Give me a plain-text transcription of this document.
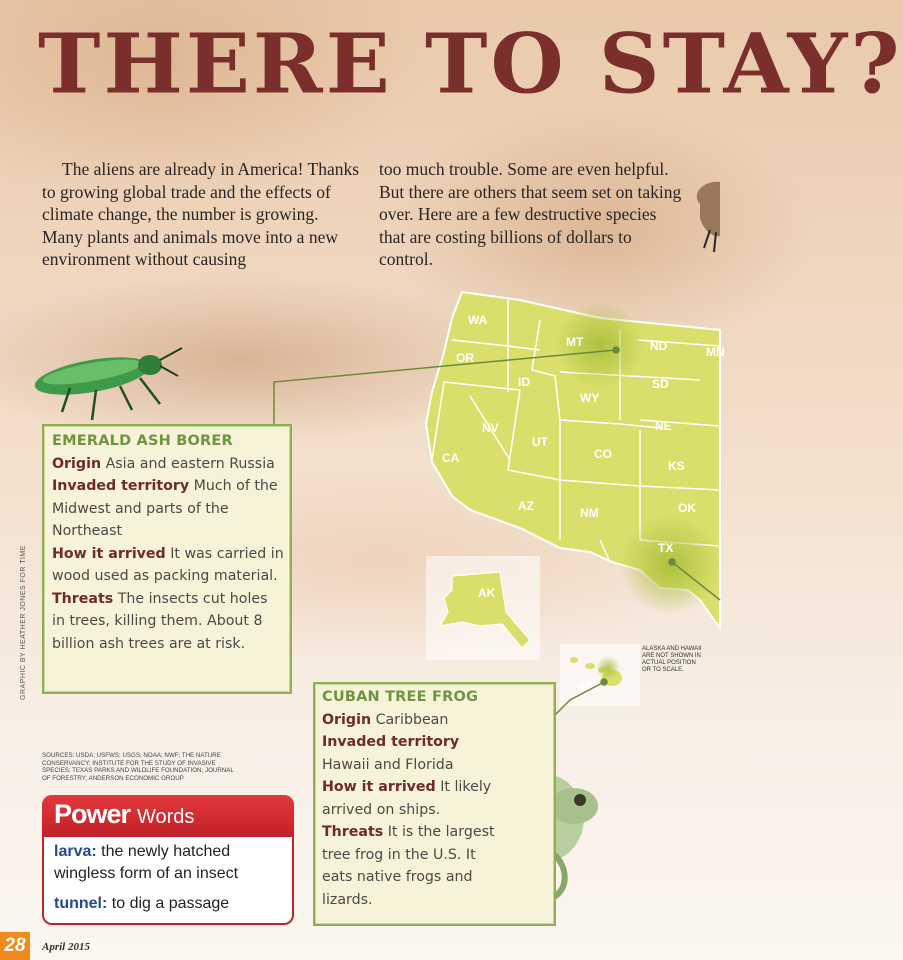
THERE TO STAY?
The aliens are already in America! Thanks to growing global trade and the effects of climate change, the number is growing. Many plants and animals move into a new environment without causing
too much trouble. Some are even helpful. But there are others that seem set on taking over. Here are a few destructive species that are costing billions of dollars to control.
WA
OR
MT	ND	MN
ID	SD
WY
NE
NV
UT
CO
KS
CA
AZ	NM	OK
TX
AK
HI
EMERALD ASH BORER
Origin Asia and eastern Russia
Invaded territory Much of the Midwest and parts of the Northeast
How it arrived It was carried in wood used as packing material.
Threats The insects cut holes in trees, killing them. About 8 billion ash trees are at risk.
CUBAN TREE FROG
Origin Caribbean
Invaded territory Hawaii and Florida
How it arrived It likely arrived on ships.
Threats It is the largest tree frog in the U.S. It eats native frogs and lizards.
ALASKA AND HAWAII ARE NOT SHOWN IN ACTUAL POSITION OR TO SCALE.
GRAPHIC BY HEATHER JONES FOR TIME
SOURCES: USDA; USFWS; USGS; NOAA; NWF; THE NATURE CONSERVANCY; INSTITUTE FOR THE STUDY OF INVASIVE SPECIES; TEXAS PARKS AND WILDLIFE FOUNDATION; JOURNAL OF FORESTRY; ANDERSON ECONOMIC GROUP
Power Words
larva: the newly hatched wingless form of an insect
tunnel: to dig a passage
28	April 2015
